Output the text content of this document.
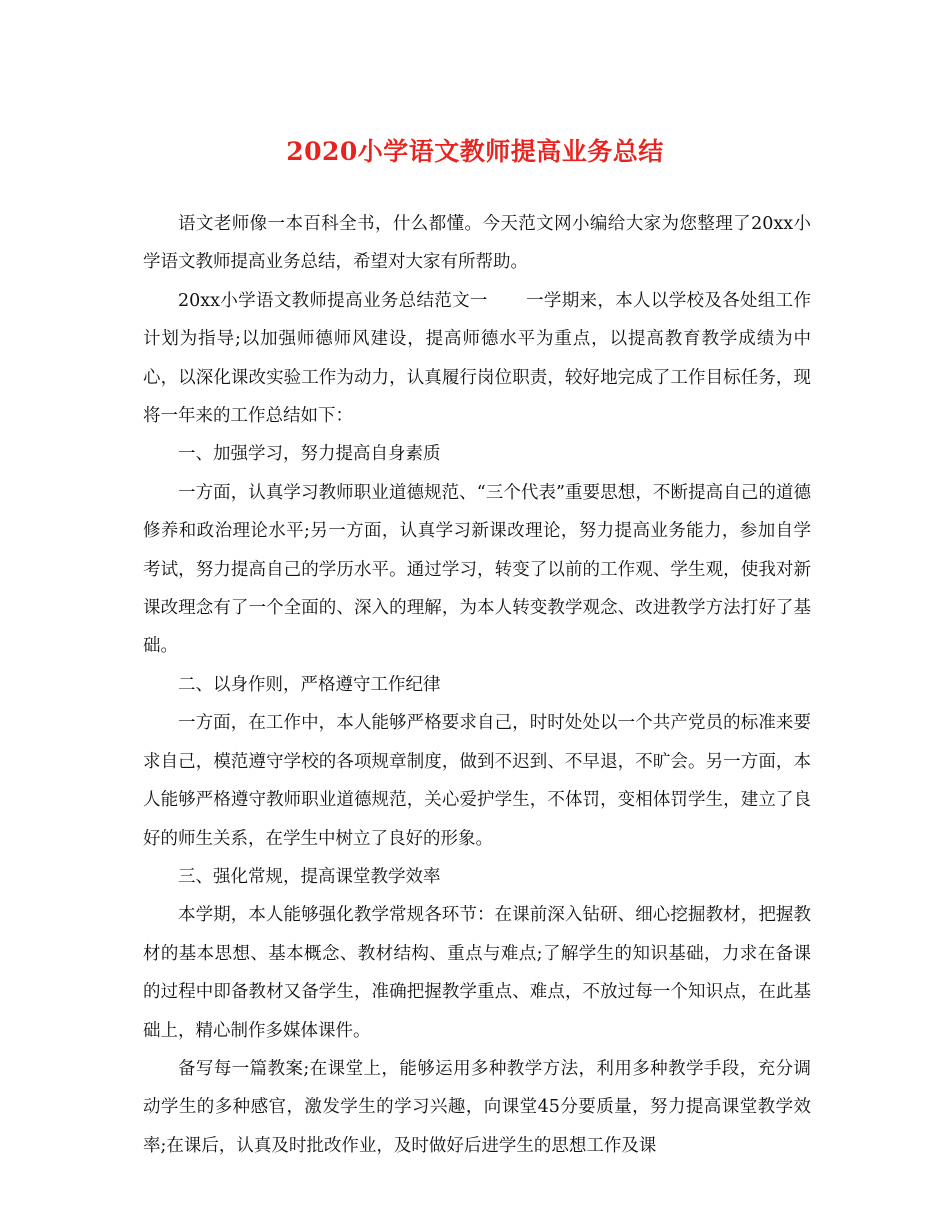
2020小学语文教师提高业务总结

语文老师像一本百科全书，什么都懂。今天范文网小编给大家为您整理了20xx小学语文教师提高业务总结，希望对大家有所帮助。

20xx小学语文教师提高业务总结范文一 一学期来，本人以学校及各处组工作计划为指导;以加强师德师风建设，提高师德水平为重点，以提高教育教学成绩为中心，以深化课改实验工作为动力，认真履行岗位职责，较好地完成了工作目标任务，现将一年来的工作总结如下：

一、加强学习，努力提高自身素质

一方面，认真学习教师职业道德规范、“三个代表”重要思想，不断提高自己的道德修养和政治理论水平;另一方面，认真学习新课改理论，努力提高业务能力，参加自学考试，努力提高自己的学历水平。通过学习，转变了以前的工作观、学生观，使我对新课改理念有了一个全面的、深入的理解，为本人转变教学观念、改进教学方法打好了基础。

二、以身作则，严格遵守工作纪律

一方面，在工作中，本人能够严格要求自己，时时处处以一个共产党员的标准来要求自己，模范遵守学校的各项规章制度，做到不迟到、不早退，不旷会。另一方面，本人能够严格遵守教师职业道德规范，关心爱护学生，不体罚，变相体罚学生，建立了良好的师生关系，在学生中树立了良好的形象。

三、强化常规，提高课堂教学效率

本学期，本人能够强化教学常规各环节：在课前深入钻研、细心挖掘教材，把握教材的基本思想、基本概念、教材结构、重点与难点;了解学生的知识基础，力求在备课的过程中即备教材又备学生，准确把握教学重点、难点，不放过每一个知识点，在此基础上，精心制作多媒体课件。

备写每一篇教案;在课堂上，能够运用多种教学方法，利用多种教学手段，充分调动学生的多种感官，激发学生的学习兴趣，向课堂45分要质量，努力提高课堂教学效率;在课后，认真及时批改作业，及时做好后进学生的思想工作及课
